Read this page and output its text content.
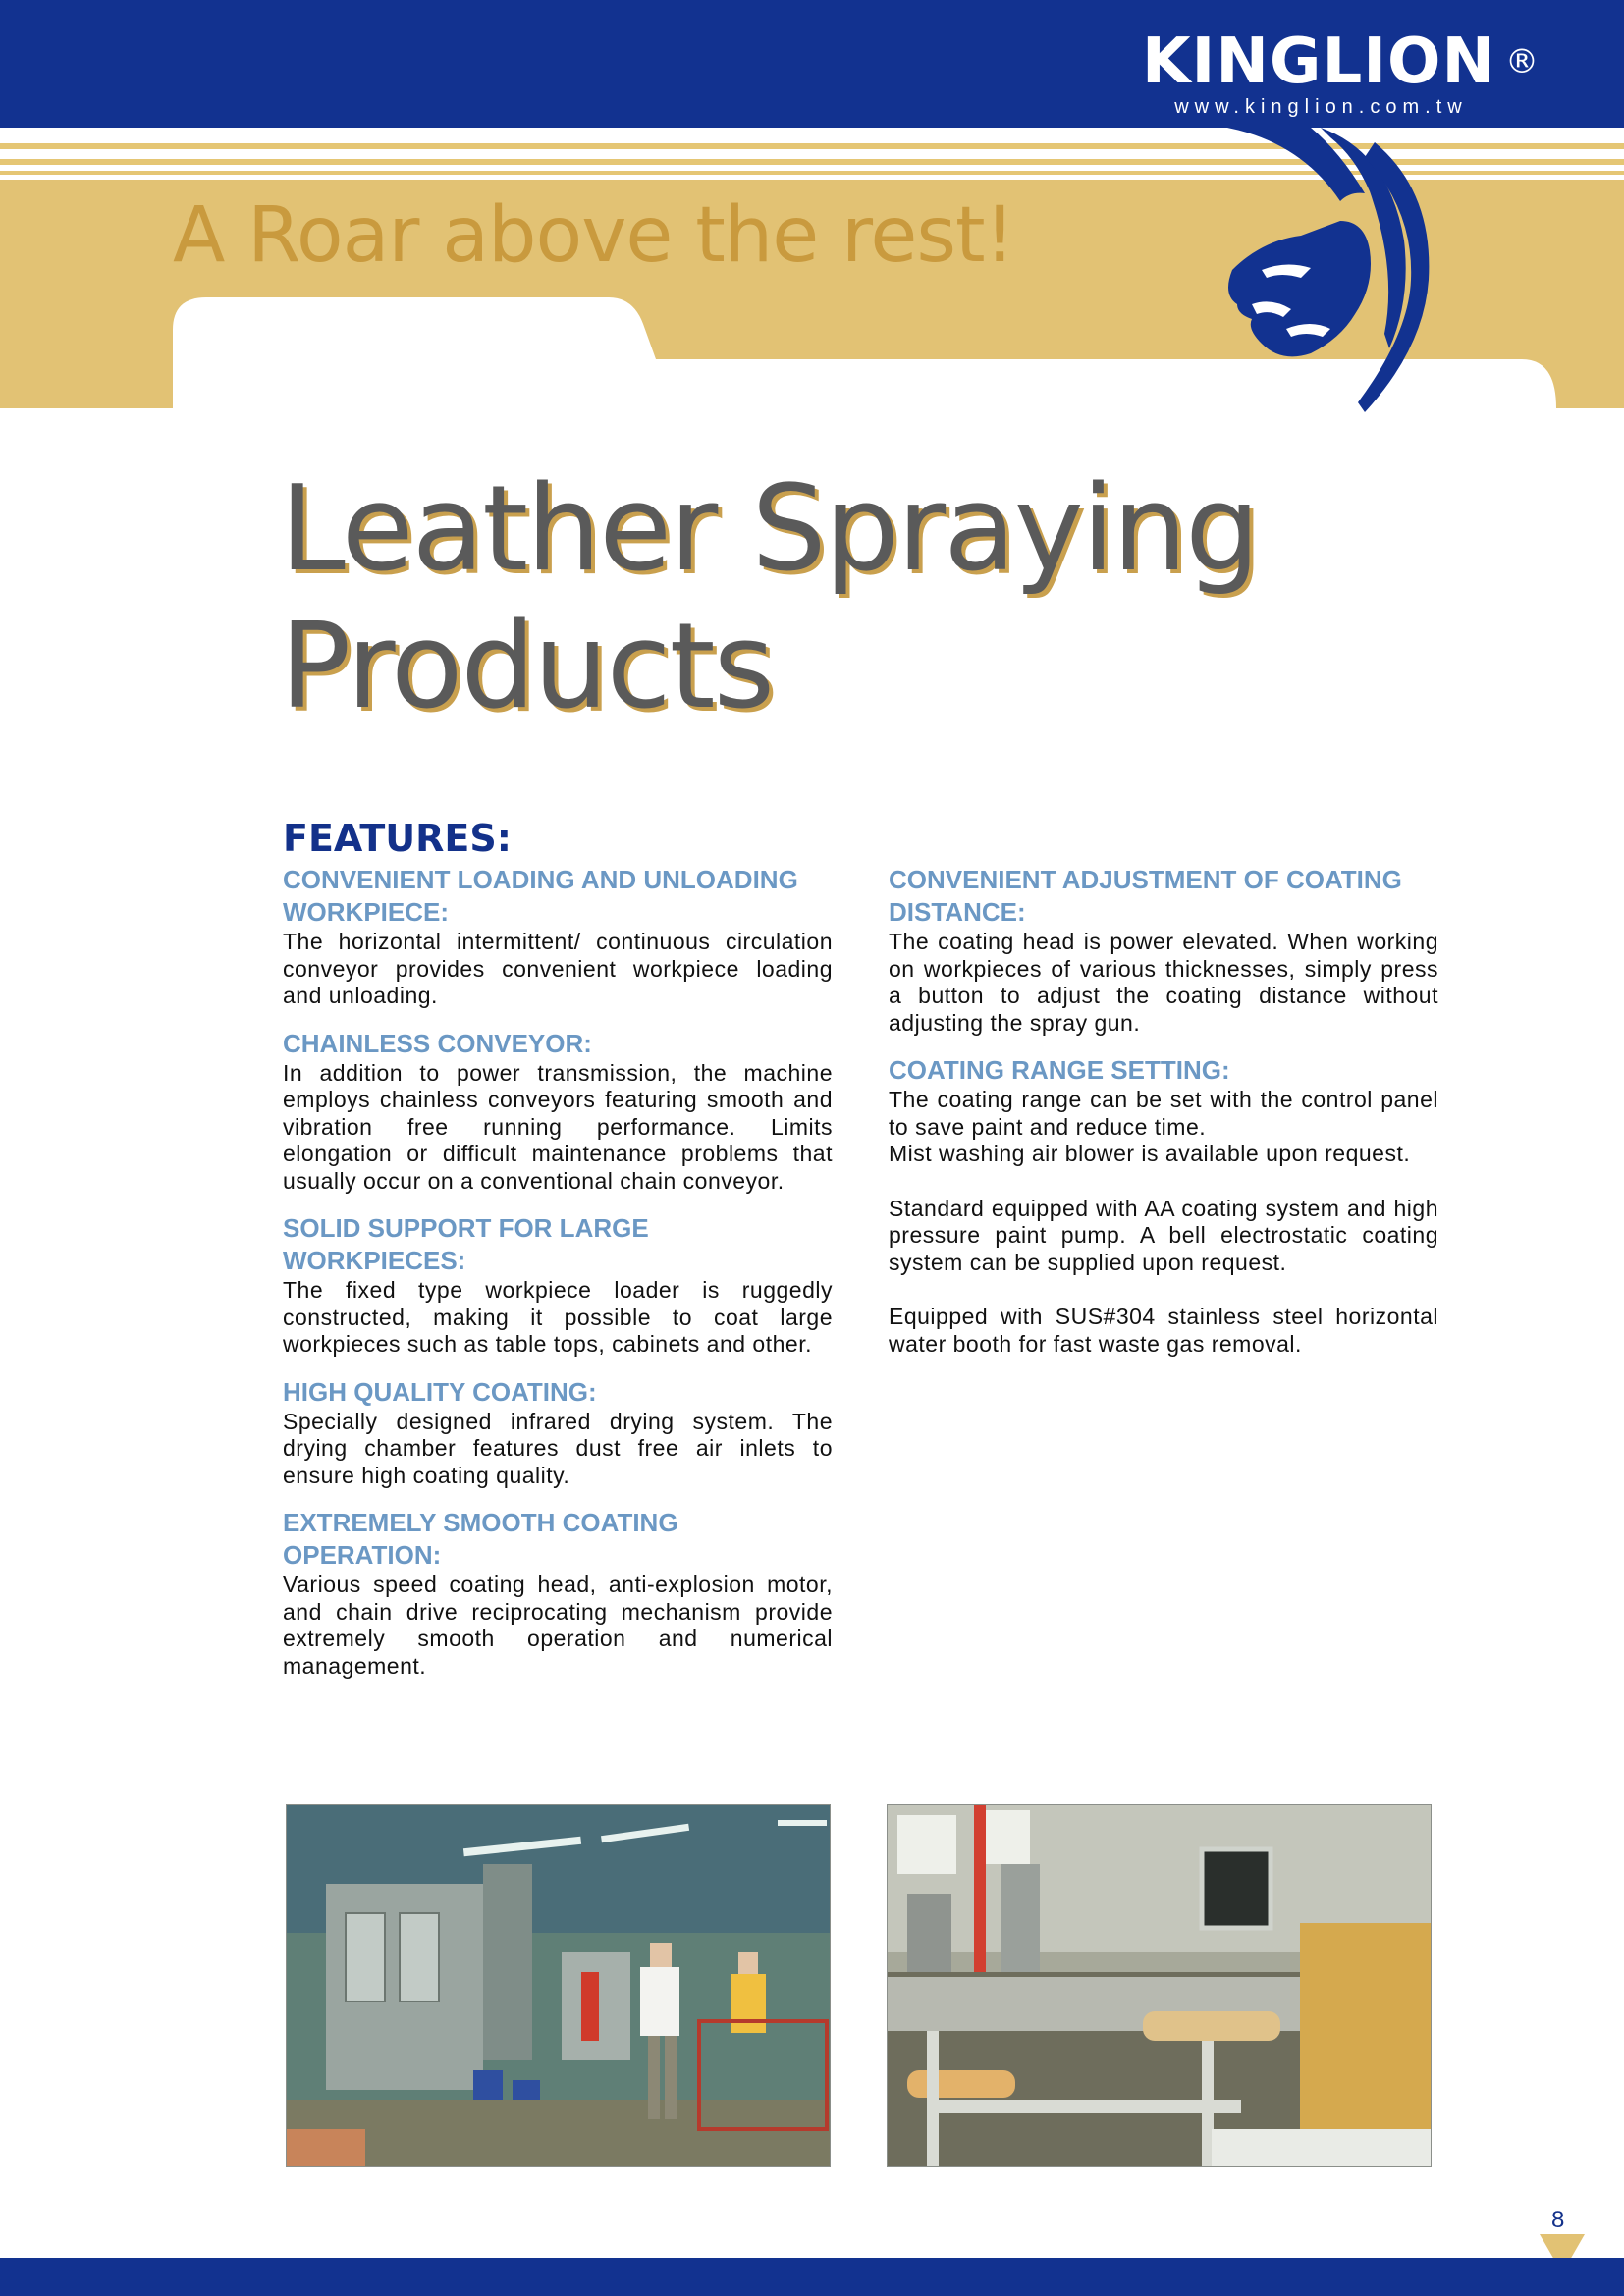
KINGLION ®
www.kinglion.com.tw
A Roar above the rest!
Leather Spraying
Products
FEATURES:
CONVENIENT LOADING AND UNLOADING WORKPIECE:
The horizontal intermittent/ continuous circulation conveyor provides convenient workpiece loading and unloading.
CHAINLESS CONVEYOR:
In addition to power transmission, the machine employs chainless conveyors featuring smooth and vibration free running performance. Limits elongation or difficult maintenance problems that usually occur on a conventional chain conveyor.
SOLID SUPPORT FOR LARGE WORKPIECES:
The fixed type workpiece loader is ruggedly constructed, making it possible to coat large workpieces such as table tops, cabinets and other.
HIGH QUALITY COATING:
Specially designed infrared drying system. The drying chamber features dust free air inlets to ensure high coating quality.
EXTREMELY SMOOTH COATING OPERATION:
Various speed coating head, anti-explosion motor, and chain drive reciprocating mechanism provide extremely smooth operation and numerical management.
CONVENIENT ADJUSTMENT OF COATING DISTANCE:
The coating head is power elevated. When working on workpieces of various thicknesses, simply press a button to adjust the coating distance without adjusting the spray gun.
COATING RANGE SETTING:
The coating range can be set with the control panel to save paint and reduce time.
Mist washing air blower is available upon request.
Standard equipped with AA coating system and high pressure paint pump. A bell electrostatic coating system can be supplied upon request.
Equipped with SUS#304 stainless steel horizontal water booth for fast waste gas removal.
8
